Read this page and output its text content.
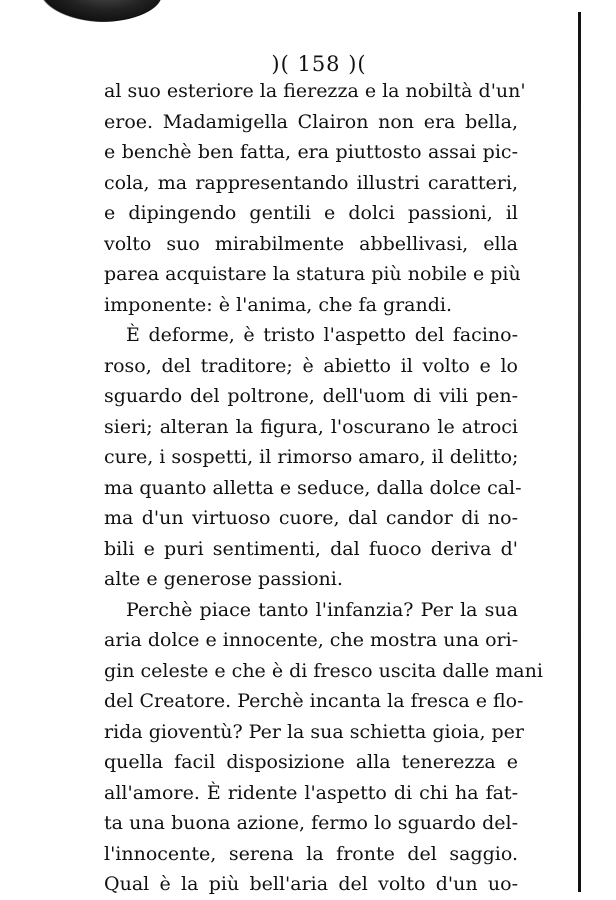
)( 158 )(
al suo esteriore la fierezza e la nobiltà d'un'
eroe. Madamigella Clairon non era bella,
e benchè ben fatta, era piuttosto assai pic-
cola, ma rappresentando illustri caratteri,
e dipingendo gentili e dolci passioni, il
volto suo mirabilmente abbellivasi, ella
parea acquistare la statura più nobile e più
imponente: è l'anima, che fa grandi.
È deforme, è tristo l'aspetto del facino-
roso, del traditore; è abietto il volto e lo
sguardo del poltrone, dell'uom di vili pen-
sieri; alteran la figura, l'oscurano le atroci
cure, i sospetti, il rimorso amaro, il delitto;
ma quanto alletta e seduce, dalla dolce cal-
ma d'un virtuoso cuore, dal candor di no-
bili e puri sentimenti, dal fuoco deriva d'
alte e generose passioni.
Perchè piace tanto l'infanzia? Per la sua
aria dolce e innocente, che mostra una ori-
gin celeste e che è di fresco uscita dalle mani
del Creatore. Perchè incanta la fresca e flo-
rida gioventù? Per la sua schietta gioia, per
quella facil disposizione alla tenerezza e
all'amore. È ridente l'aspetto di chi ha fat-
ta una buona azione, fermo lo sguardo del-
l'innocente, serena la fronte del saggio.
Qual è la più bell'aria del volto d'un uo-
